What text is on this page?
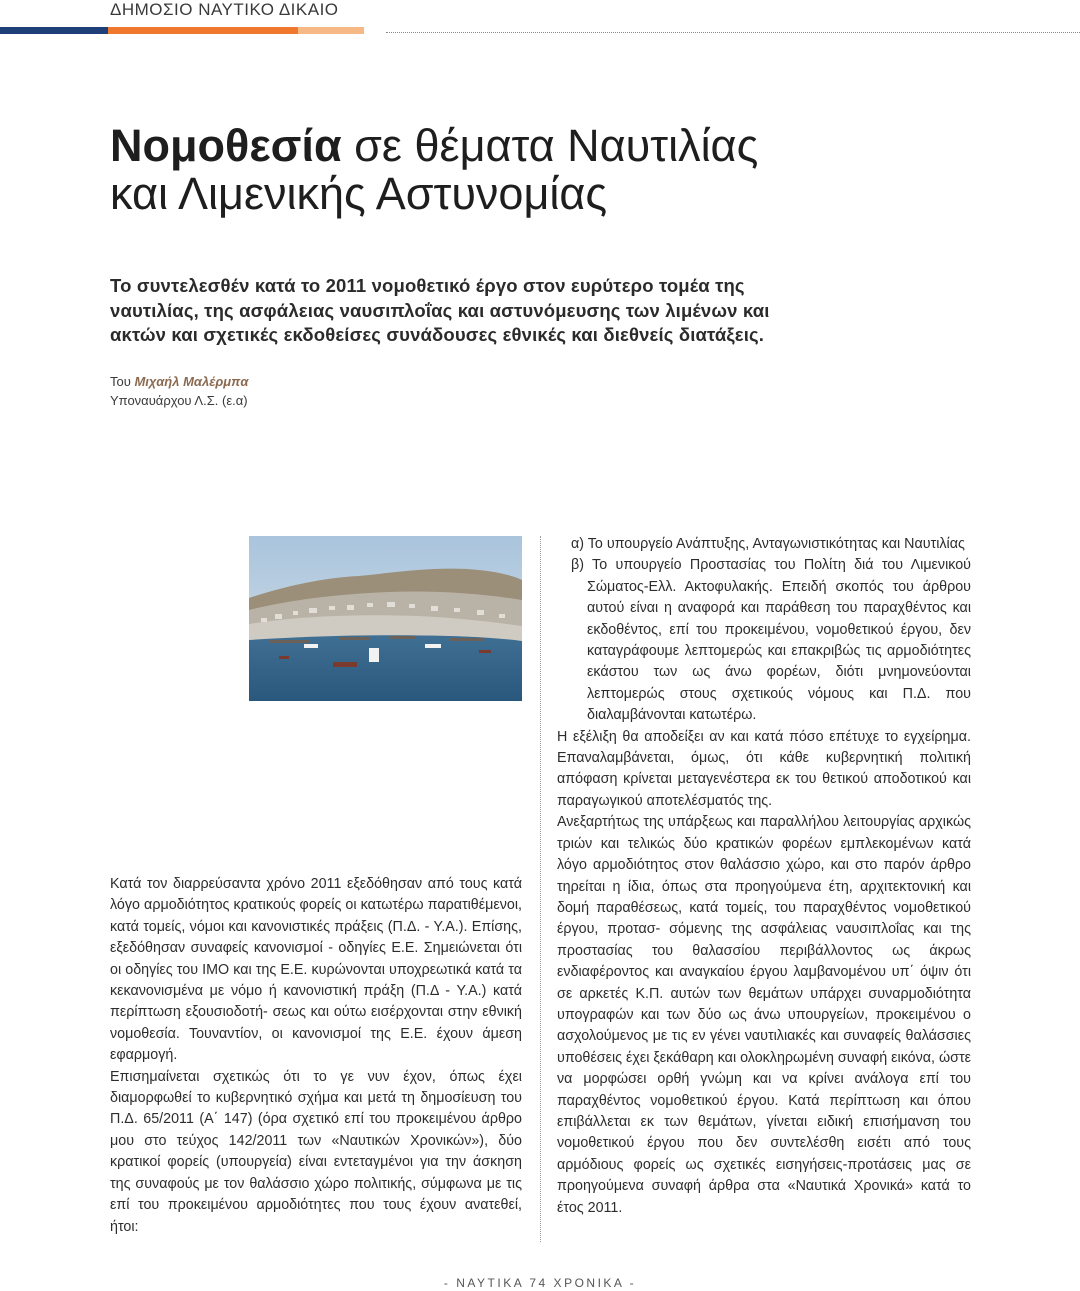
ΔΗΜΟΣΙΟ ΝΑΥΤΙΚΟ ΔΙΚΑΙΟ
Νομοθεσία σε θέματα Ναυτιλίας
και Λιμενικής Αστυνομίας

Το συντελεσθέν κατά το 2011 νομοθετικό έργο στον ευρύτερο τομέα της
ναυτιλίας, της ασφάλειας ναυσιπλοΐας και αστυνόμευσης των λιμένων και
ακτών και σχετικές εκδοθείσες συνάδουσες εθνικές και διεθνείς διατάξεις.

Του Μιχαήλ Μαλέρμπα
Υποναυάρχου Λ.Σ. (ε.α)

Κατά τον διαρρεύσαντα χρόνο 2011 εξεδόθησαν από τους κατά λόγο αρμοδιότητος κρατικούς φορείς οι κατωτέρω παρατιθέμενοι, κατά τομείς, νόμοι και κανονιστικές πράξεις (Π.Δ. - Υ.Α.). Επίσης, εξεδόθησαν συναφείς κανονισμοί - οδηγίες Ε.Ε. Σημειώνεται ότι οι οδηγίες του IMO και της Ε.Ε. κυρώνονται υποχρεωτικά κατά τα κεκανονισμένα με νόμο ή κανονιστική πράξη (Π.Δ - Υ.Α.) κατά περίπτωση εξουσιοδοτή- σεως και ούτω εισέρχονται στην εθνική νομοθεσία. Τουναντίον, οι κανονισμοί της Ε.Ε. έχουν άμεση εφαρμογή.

Επισημαίνεται σχετικώς ότι το γε νυν έχον, όπως έχει διαμορφωθεί το κυβερνητικό σχήμα και μετά τη δημοσίευση του Π.Δ. 65/2011 (Α΄ 147) (όρα σχετικό επί του προκειμένου άρθρο μου στο τεύχος 142/2011 των «Ναυτικών Χρονικών»), δύο κρατικοί φορείς (υπουργεία) είναι εντεταγμένοι για την άσκηση της συναφούς με τον θαλάσσιο χώρο πολιτικής, σύμφωνα με τις επί του προκειμένου αρμοδιότητες που τους έχουν ανατεθεί, ήτοι:

α) Το υπουργείο Ανάπτυξης, Ανταγωνιστικότητας και Ναυτιλίας

β) Το υπουργείο Προστασίας του Πολίτη διά του Λιμενικού Σώματος-Ελλ. Ακτοφυλακής. Επειδή σκοπός του άρθρου αυτού είναι η αναφορά και παράθεση του παραχθέντος και εκδοθέντος, επί του προκειμένου, νομοθετικού έργου, δεν καταγράφουμε λεπτομερώς και επακριβώς τις αρμοδιότητες εκάστου των ως άνω φορέων, διότι μνημονεύονται λεπτομερώς στους σχετικούς νόμους και Π.Δ. που διαλαμβάνονται κατωτέρω.

Η εξέλιξη θα αποδείξει αν και κατά πόσο επέτυχε το εγχείρημα. Επαναλαμβάνεται, όμως, ότι κάθε κυβερνητική πολιτική απόφαση κρίνεται μεταγενέστερα εκ του θετικού αποδοτικού και παραγωγικού αποτελέσματός της.

Ανεξαρτήτως της υπάρξεως και παραλλήλου λειτουργίας αρχικώς τριών και τελικώς δύο κρατικών φορέων εμπλεκομένων κατά λόγο αρμοδιότητος στον θαλάσσιο χώρο, και στο παρόν άρθρο τηρείται η ίδια, όπως στα προηγούμενα έτη, αρχιτεκτονική και δομή παραθέσεως, κατά τομείς, του παραχθέντος νομοθετικού έργου, προτασ- σόμενης της ασφάλειας ναυσιπλοΐας και της προστασίας του θαλασσίου περιβάλλοντος ως άκρως ενδιαφέροντος και αναγκαίου έργου λαμβανομένου υπ΄ όψιν ότι σε αρκετές Κ.Π. αυτών των θεμάτων υπάρχει συναρμοδιότητα υπογραφών και των δύο ως άνω υπουργείων, προκειμένου ο ασχολούμενος με τις εν γένει ναυτιλιακές και συναφείς θαλάσσιες υποθέσεις έχει ξεκάθαρη και ολοκληρωμένη συναφή εικόνα, ώστε να μορφώσει ορθή γνώμη και να κρίνει ανάλογα επί του παραχθέντος νομοθετικού έργου. Κατά περίπτωση και όπου επιβάλλεται εκ των θεμάτων, γίνεται ειδική επισήμανση του νομοθετικού έργου που δεν συντελέσθη εισέτι από τους αρμόδιους φορείς ως σχετικές εισηγήσεις-προτάσεις μας σε προηγούμενα συναφή άρθρα στα «Ναυτικά Χρονικά» κατά το έτος 2011.

- ΝΑΥΤΙΚΑ 74 ΧΡΟΝΙΚΑ -
